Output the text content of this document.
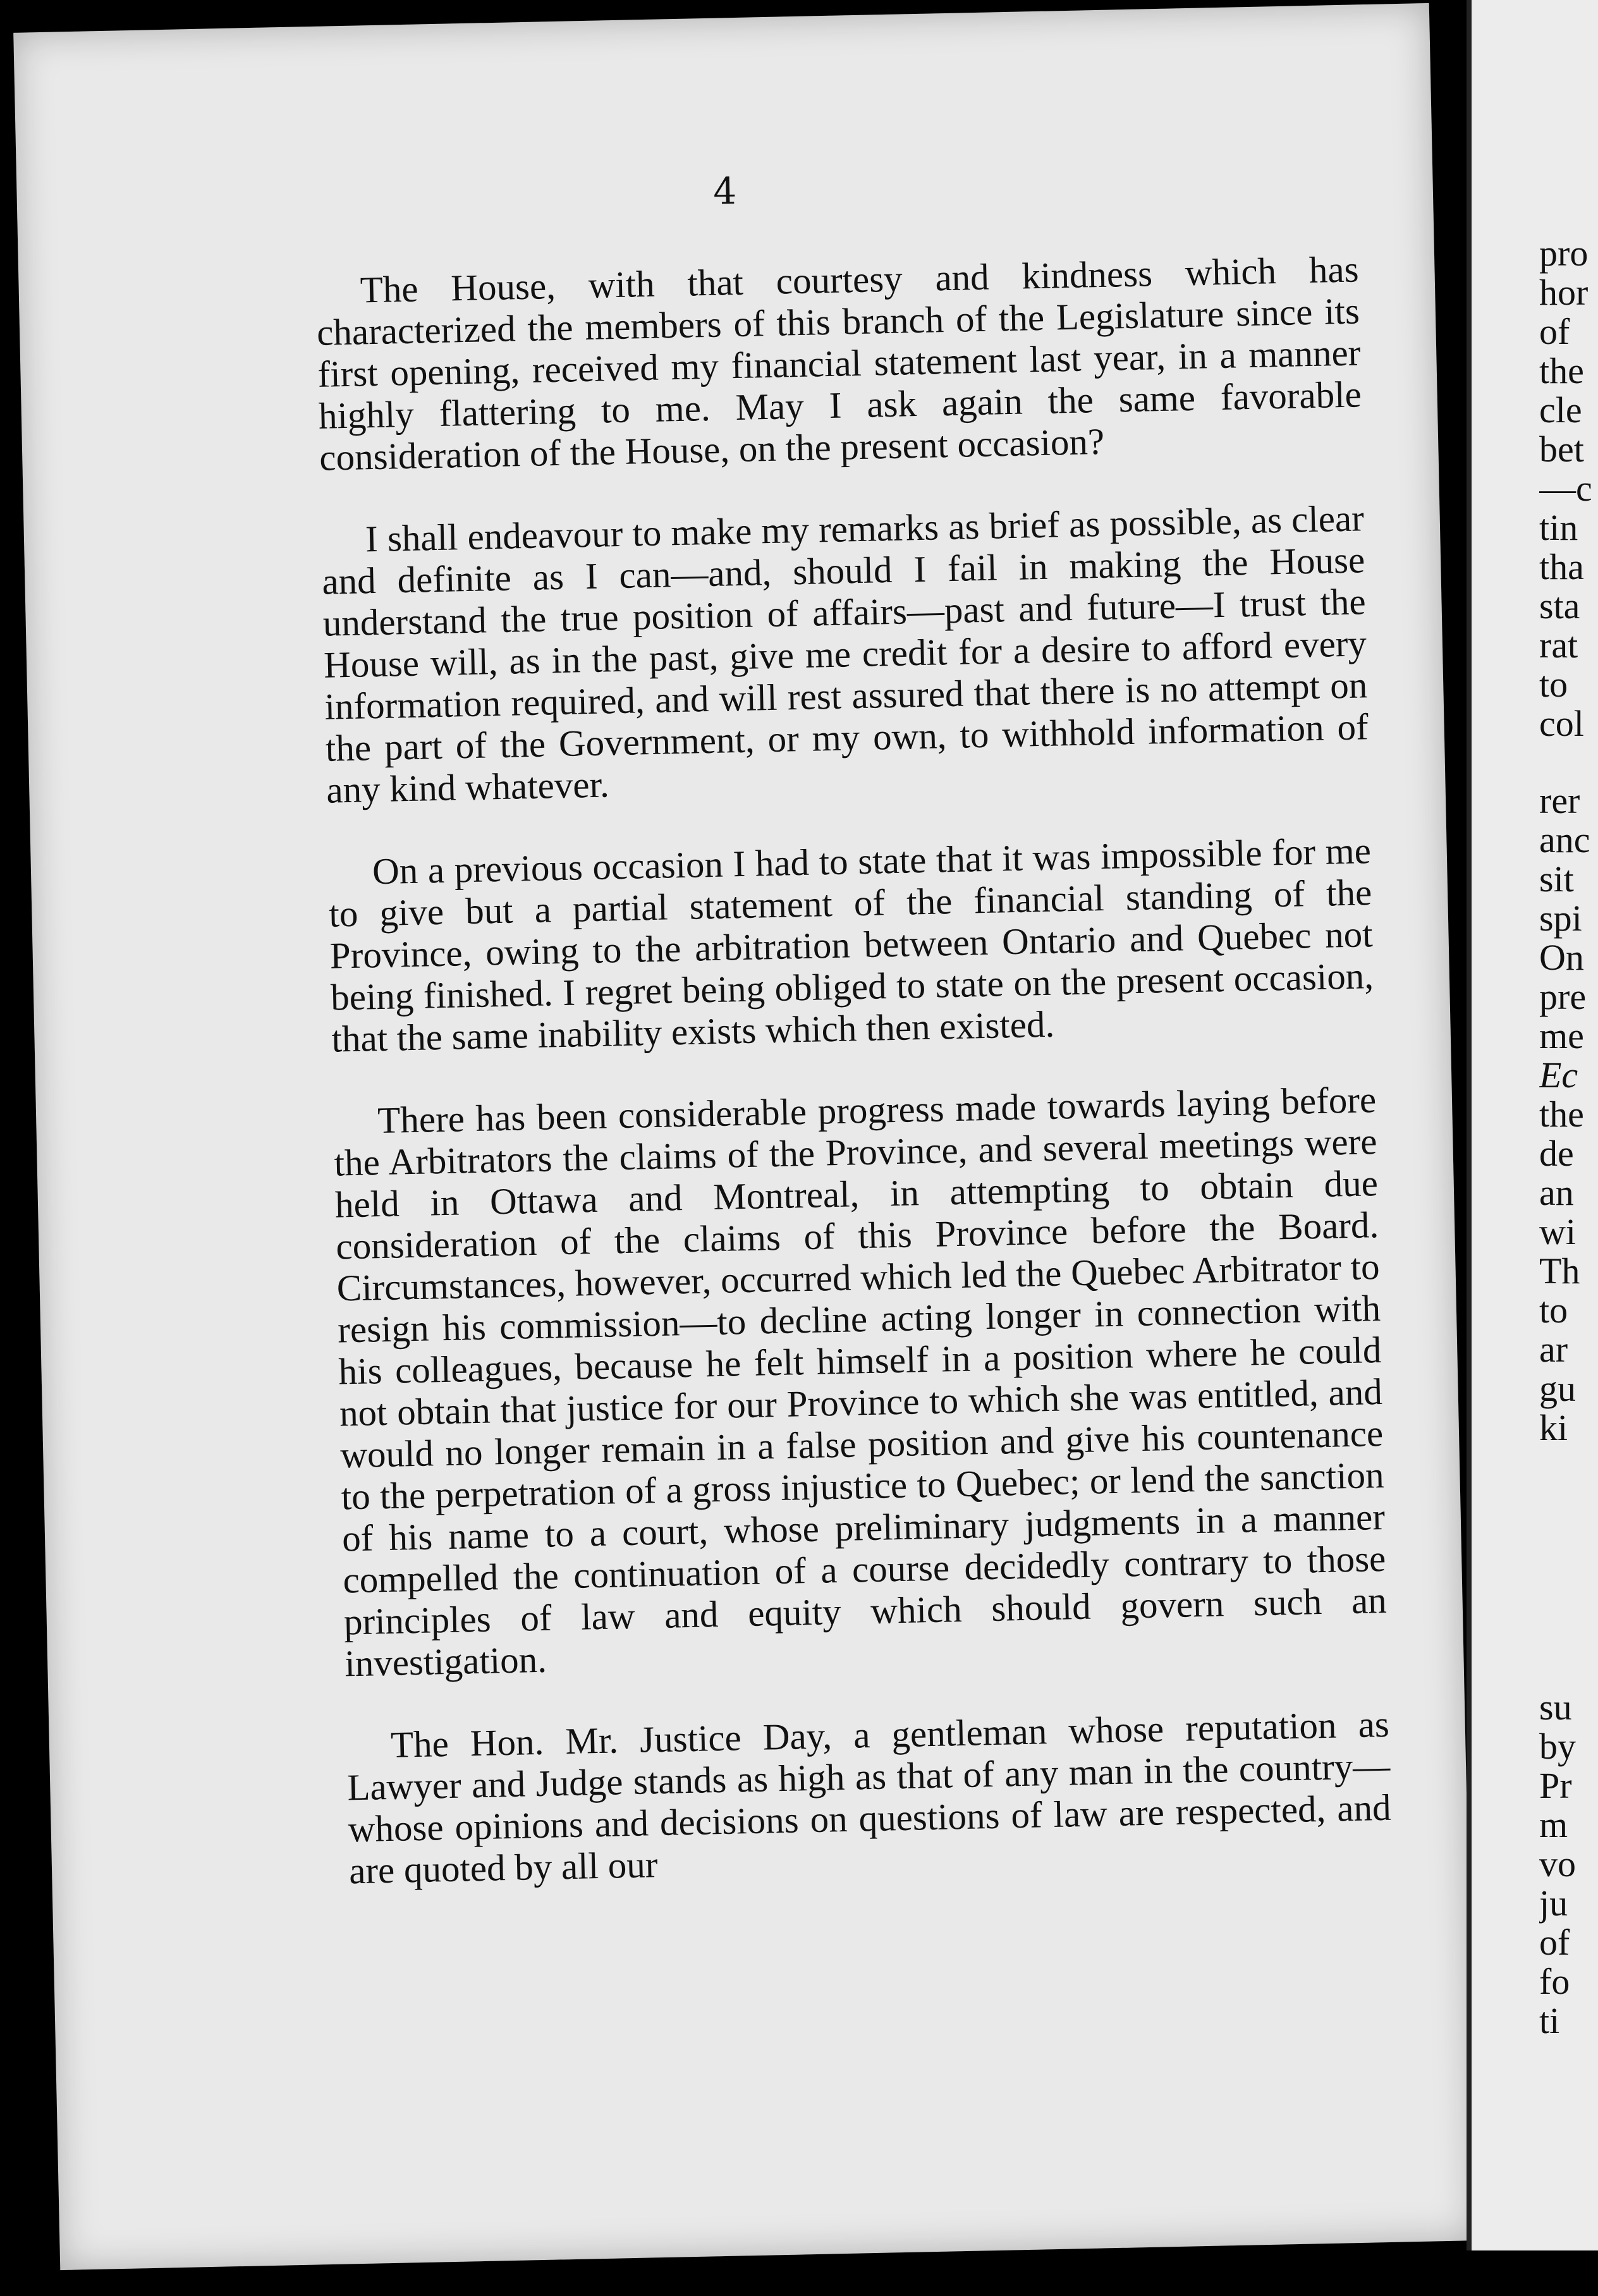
4

The House, with that courtesy and kindness which has characterized the members of this branch of the Legislature since its first opening, received my financial statement last year, in a manner highly flattering to me. May I ask again the same favorable consideration of the House, on the present occasion?

I shall endeavour to make my remarks as brief as possible, as clear and definite as I can—and, should I fail in making the House understand the true position of affairs—past and future—I trust the House will, as in the past, give me credit for a desire to afford every information required, and will rest assured that there is no attempt on the part of the Government, or my own, to withhold information of any kind whatever.

On a previous occasion I had to state that it was impossible for me to give but a partial statement of the financial standing of the Province, owing to the arbitration between Ontario and Quebec not being finished. I regret being obliged to state on the present occasion, that the same inability exists which then existed.

There has been considerable progress made towards laying before the Arbitrators the claims of the Province, and several meetings were held in Ottawa and Montreal, in attempting to obtain due consideration of the claims of this Province before the Board. Circumstances, however, occurred which led the Quebec Arbitrator to resign his commission—to decline acting longer in connection with his colleagues, because he felt himself in a position where he could not obtain that justice for our Province to which she was entitled, and would no longer remain in a false position and give his countenance to the perpetration of a gross injustice to Quebec; or lend the sanction of his name to a court, whose preliminary judgments in a manner compelled the continuation of a course decidedly contrary to those principles of law and equity which should govern such an investigation.

The Hon. Mr. Justice Day, a gentleman whose reputation as Lawyer and Judge stands as high as that of any man in the country—whose opinions and decisions on questions of law are respected, and are quoted by all our

pro
hor
of
the
cle
bet
—c
tin
tha
sta
rat
to
col
rer
anc
sit
spi
On
pre
me
Ec
the
de
an
wi
Th
to
ar
gu
ki
su
by
Pr
m
vo
ju
of
fo
ti
